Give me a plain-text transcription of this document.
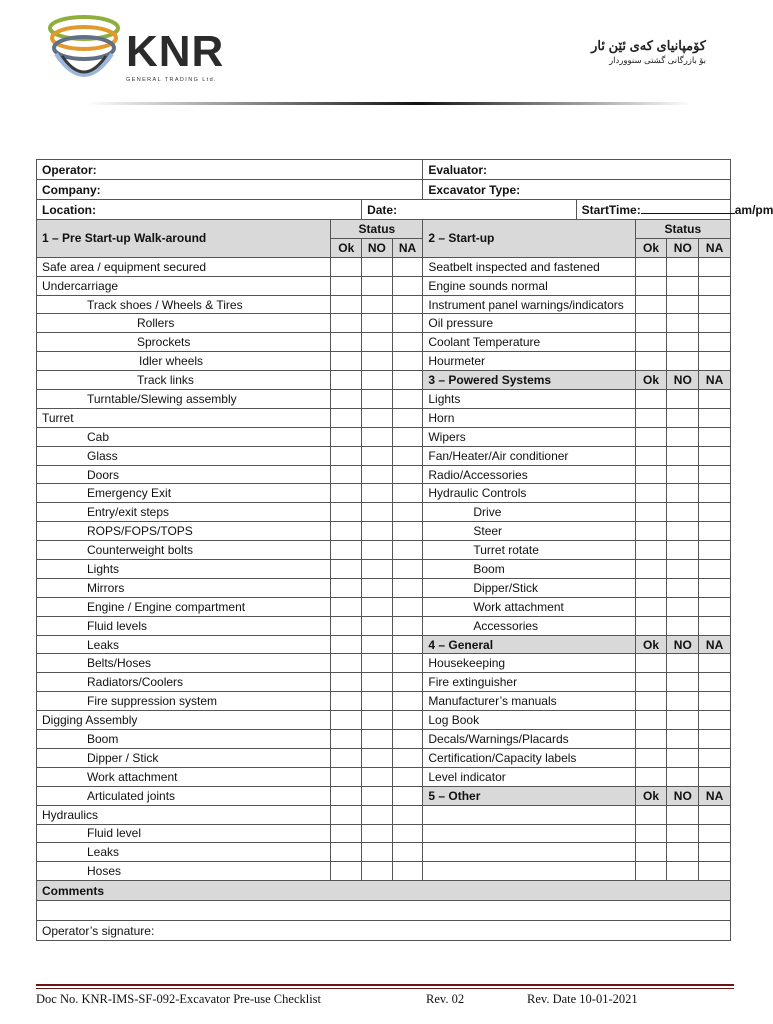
KNR
GENERAL TRADING Ltd.
کۆمپانیای کەی ئێن ئار
بۆ بازرگانی گشتی سنووردار
Operator:				Evaluator:				
Company:				Excavator Type:				
Location:		Date:			StartTime: am/pm			
1 – Pre Start-up Walk-around	Status			2 – Start-up		Status		
	Ok	NO	NA			Ok	NO	NA
Safe area / equipment secured				Seatbelt inspected and fastened				
Undercarriage				Engine sounds normal				
Track shoes / Wheels & Tires				Instrument panel warnings/indicators				
Rollers				Oil pressure				
Sprockets				Coolant Temperature				
Idler wheels				Hourmeter				
Track links				3 – Powered Systems		Ok	NO	NA
Turntable/Slewing assembly				Lights				
Turret				Horn				
Cab				Wipers				
Glass				Fan/Heater/Air conditioner				
Doors				Radio/Accessories				
Emergency Exit				Hydraulic Controls				
Entry/exit steps				Drive				
ROPS/FOPS/TOPS				Steer				
Counterweight bolts				Turret rotate				
Lights				Boom				
Mirrors				Dipper/Stick				
Engine / Engine compartment				Work attachment				
Fluid levels				Accessories				
Leaks				4 – General		Ok	NO	NA
Belts/Hoses				Housekeeping				
Radiators/Coolers				Fire extinguisher				
Fire suppression system				Manufacturer’s manuals				
Digging Assembly				Log Book				
Boom				Decals/Warnings/Placards				
Dipper / Stick				Certification/Capacity labels				
Work attachment				Level indicator				
Articulated joints				5 – Other		Ok	NO	NA
Hydraulics								
Fluid level								
Leaks								
Hoses								
Comments								

Operator’s signature:								
Doc No. KNR-IMS-SF-092-Excavator Pre-use Checklist	Rev. 02	Rev. Date 10-01-2021
